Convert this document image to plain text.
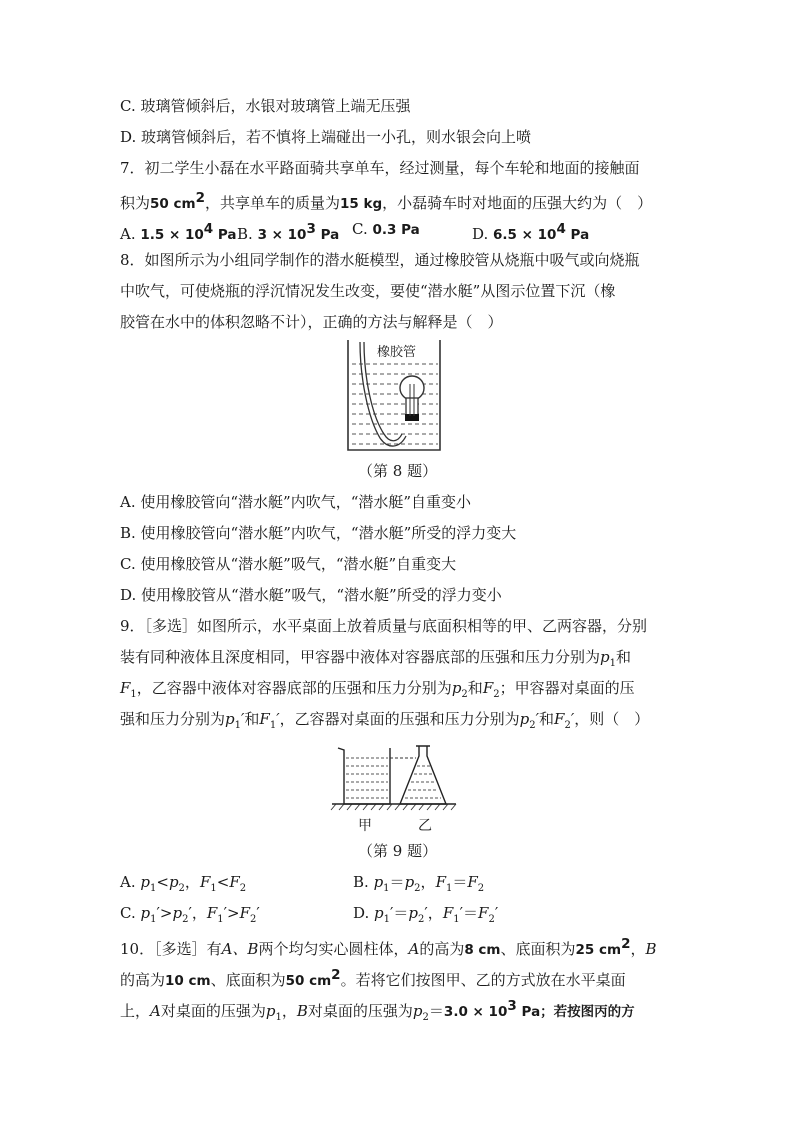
C. 玻璃管倾斜后，水银对玻璃管上端无压强
D. 玻璃管倾斜后，若不慎将上端碰出一小孔，则水银会向上喷
7．初二学生小磊在水平路面骑共享单车，经过测量，每个车轮和地面的接触面
积为50 $cm^2$，共享单车的质量为15 kg，小磊骑车时对地面的压强大约为（　）
A. $1.5 \times 10^4$ Pa B. $3 \times 10^3$ Pa C. 0.3 Pa	D. $6.5 \times 10^4$ Pa
8．如图所示为小组同学制作的潜水艇模型，通过橡胶管从烧瓶中吸气或向烧瓶
中吹气，可使烧瓶的浮沉情况发生改变，要使“潜水艇”从图示位置下沉（橡
胶管在水中的体积忽略不计），正确的方法与解释是（　）
橡胶管
（第 8 题）
A. 使用橡胶管向“潜水艇”内吹气，“潜水艇”自重变小
B. 使用橡胶管向“潜水艇”内吹气，“潜水艇”所受的浮力变大
C. 使用橡胶管从“潜水艇”吸气，“潜水艇”自重变大
D. 使用橡胶管从“潜水艇”吸气，“潜水艇”所受的浮力变小
9．［多选］如图所示，水平桌面上放着质量与底面积相等的甲、乙两容器，分别
装有同种液体且深度相同，甲容器中液体对容器底部的压强和压力分别为$p_1$和
$F_1$，乙容器中液体对容器底部的压强和压力分别为$p_2$和$F_2$；甲容器对桌面的压
强和压力分别为$p_1'$和$F_1'$，乙容器对桌面的压强和压力分别为$p_2'$和$F_2'$，则（　）
甲	乙
（第 9 题）
A. $p_1<p_2$，$F_1<F_2$	B. $p_1=p_2$，$F_1=F_2$
C. $p_1'>p_2'$，$F_1'>F_2'$	D. $p_1'=p_2'$，$F_1'=F_2'$
10．［多选］有A、B两个均匀实心圆柱体，A的高为8 cm、底面积为25 $cm^2$，B
的高为10 cm、底面积为50 $cm^2$。若将它们按图甲、乙的方式放在水平桌面
上，A对桌面的压强为$p_1$，B对桌面的压强为$p_2=3.0 \times 10^3$ Pa；若按图丙的方
